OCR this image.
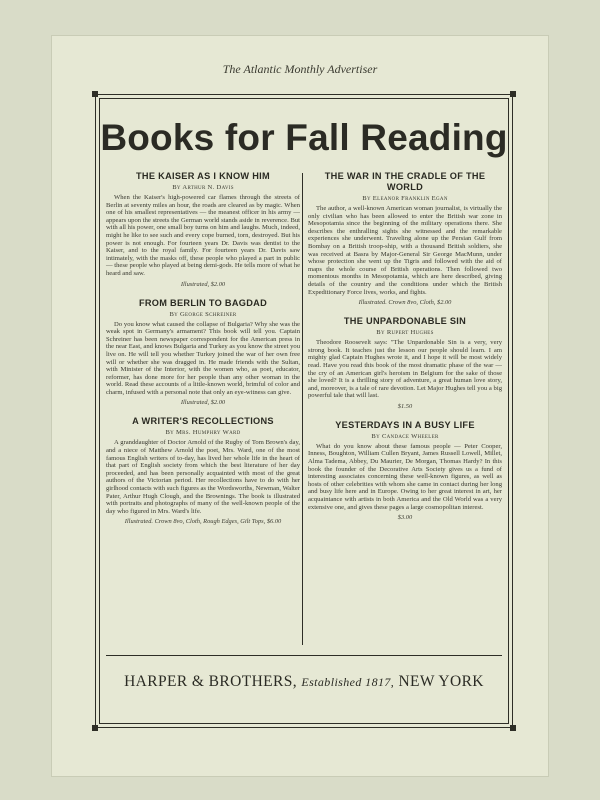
The Atlantic Monthly Advertiser
Books for Fall Reading
THE KAISER AS I KNOW HIM
By Arthur N. Davis
When the Kaiser's high-powered car flames through the streets of Berlin at seventy miles an hour, the roads are cleared as by magic. When one of his smallest representatives — the meanest officer in his army — appears upon the streets the German world stands aside in reverence. But with all his power, one small boy turns on him and laughs. Much, indeed, might he like to see such and every cope burned, torn, destroyed. But his power is not enough. For fourteen years Dr. Davis was dentist to the Kaiser, and to the royal family. For fourteen years Dr. Davis saw intimately, with the masks off, these people who played a part in public — these people who played at being demi-gods. He tells more of what he heard and saw.
Illustrated, $2.00
FROM BERLIN TO BAGDAD
By George Schreiner
Do you know what caused the collapse of Bulgaria? Why she was the weak spot in Germany's armament? This book will tell you. Captain Schreiner has been newspaper correspondent for the American press in the near East, and knows Bulgaria and Turkey as you know the street you live on. He will tell you whether Turkey joined the war of her own free will or whether she was dragged in. He made friends with the Sultan, with Minister of the Interior, with the women who, as poet, educator, reformer, has done more for her people than any other woman in the world. Read these accounts of a little-known world, brimful of color and charm, infused with a personal note that only an eye-witness can give.
Illustrated, $2.00
A WRITER'S RECOLLECTIONS
By Mrs. Humphry Ward
A granddaughter of Doctor Arnold of the Rugby of Tom Brown's day, and a niece of Matthew Arnold the poet, Mrs. Ward, one of the most famous English writers of to-day, has lived her whole life in the heart of that part of English society from which the best literature of her day proceeded, and has been personally acquainted with most of the great authors of the Victorian period. Her recollections have to do with her girlhood contacts with such figures as the Wordsworths, Newman, Walter Pater, Arthur Hugh Clough, and the Brownings. The book is illustrated with portraits and photographs of many of the well-known people of the day who figured in Mrs. Ward's life.
Illustrated. Crown 8vo, Cloth, Rough Edges, Gilt Tops, $6.00
THE WAR IN THE CRADLE OF THE WORLD
By Eleanor Franklin Egan
The author, a well-known American woman journalist, is virtually the only civilian who has been allowed to enter the British war zone in Mesopotamia since the beginning of the military operations there. She describes the enthralling sights she witnessed and the remarkable experiences she underwent. Traveling alone up the Persian Gulf from Bombay on a British troop-ship, with a thousand British soldiers, she was received at Basra by Major-General Sir George MacMunn, under whose protection she went up the Tigris and followed with the aid of maps the whole course of British operations. Then followed two momentous months in Mesopotamia, which are here described, giving details of the country and the conditions under which the British Expeditionary Force lives, works, and fights.
Illustrated. Crown 8vo, Cloth, $2.00
THE UNPARDONABLE SIN
By Rupert Hughes
Theodore Roosevelt says: "The Unpardonable Sin is a very, very strong book. It teaches just the lesson our people should learn. I am mighty glad Captain Hughes wrote it, and I hope it will be most widely read. Have you read this book of the most dramatic phase of the war — the cry of an American girl's heroism in Belgium for the sake of those she loved? It is a thrilling story of adventure, a great human love story, and, moreover, is a tale of rare devotion. Let Major Hughes tell you a big powerful tale that will last.
$1.50
YESTERDAYS IN A BUSY LIFE
By Candace Wheeler
What do you know about these famous people — Peter Cooper, Inness, Boughton, William Cullen Bryant, James Russell Lowell, Millet, Alma Tadema, Abbey, Du Maurier, De Morgan, Thomas Hardy? In this book the founder of the Decorative Arts Society gives us a fund of interesting associates concerning these well-known figures, as well as hosts of other celebrities with whom she came in contact during her long and busy life here and in Europe. Owing to her great interest in art, her acquaintance with artists in both America and the Old World was a very extensive one, and gives these pages a large cosmopolitan interest.
$3.00
HARPER & BROTHERS, Established 1817, NEW YORK
